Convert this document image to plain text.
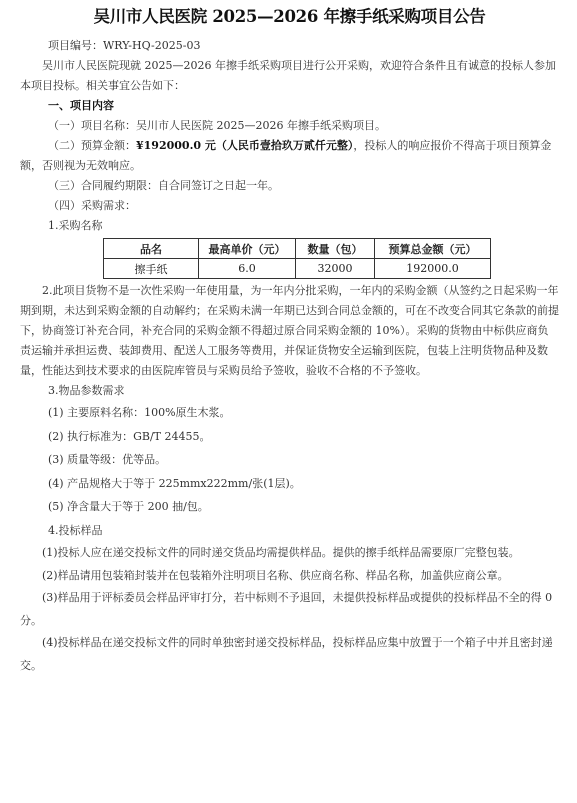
吴川市人民医院 2025—2026 年擦手纸采购项目公告

项目编号：WRY-HQ-2025-03

吴川市人民医院现就 2025—2026 年擦手纸采购项目进行公开采购，欢迎符合条件且有诚意的投标人参加本项目投标。相关事宜公告如下：

一、项目内容

（一）项目名称：吴川市人民医院 2025—2026 年擦手纸采购项目。

（二）预算金额：¥192000.0 元（人民币壹拾玖万贰仟元整），投标人的响应报价不得高于项目预算金额，否则视为无效响应。

（三）合同履约期限：自合同签订之日起一年。

（四）采购需求：

1.采购名称

品名	最高单价（元）	数量（包）	预算总金额（元）
擦手纸	6.0	32000	192000.0

2.此项目货物不是一次性采购一年使用量，为一年内分批采购，一年内的采购金额（从签约之日起采购一年期到期，未达到采购金额的自动解约；在采购未满一年期已达到合同总金额的，可在不改变合同其它条款的前提下，协商签订补充合同，补充合同的采购金额不得超过原合同采购金额的 10%）。采购的货物由中标供应商负责运输并承担运费、装卸费用、配送人工服务等费用，并保证货物安全运输到医院，包装上注明货物品种及数量，性能达到技术要求的由医院库管员与采购员给予签收，验收不合格的不予签收。

3.物品参数需求

(1) 主要原料名称：100%原生木浆。

(2) 执行标准为：GB/T 24455。

(3) 质量等级：优等品。

(4) 产品规格大于等于 225mmx222mm/张(1层)。

(5) 净含量大于等于 200 抽/包。

4.投标样品

(1)投标人应在递交投标文件的同时递交货品均需提供样品。提供的擦手纸样品需要原厂完整包装。

(2)样品请用包装箱封装并在包装箱外注明项目名称、供应商名称、样品名称，加盖供应商公章。

(3)样品用于评标委员会样品评审打分，若中标则不予退回，未提供投标样品或提供的投标样品不全的得 0 分。

(4)投标样品在递交投标文件的同时单独密封递交投标样品，投标样品应集中放置于一个箱子中并且密封递交。
